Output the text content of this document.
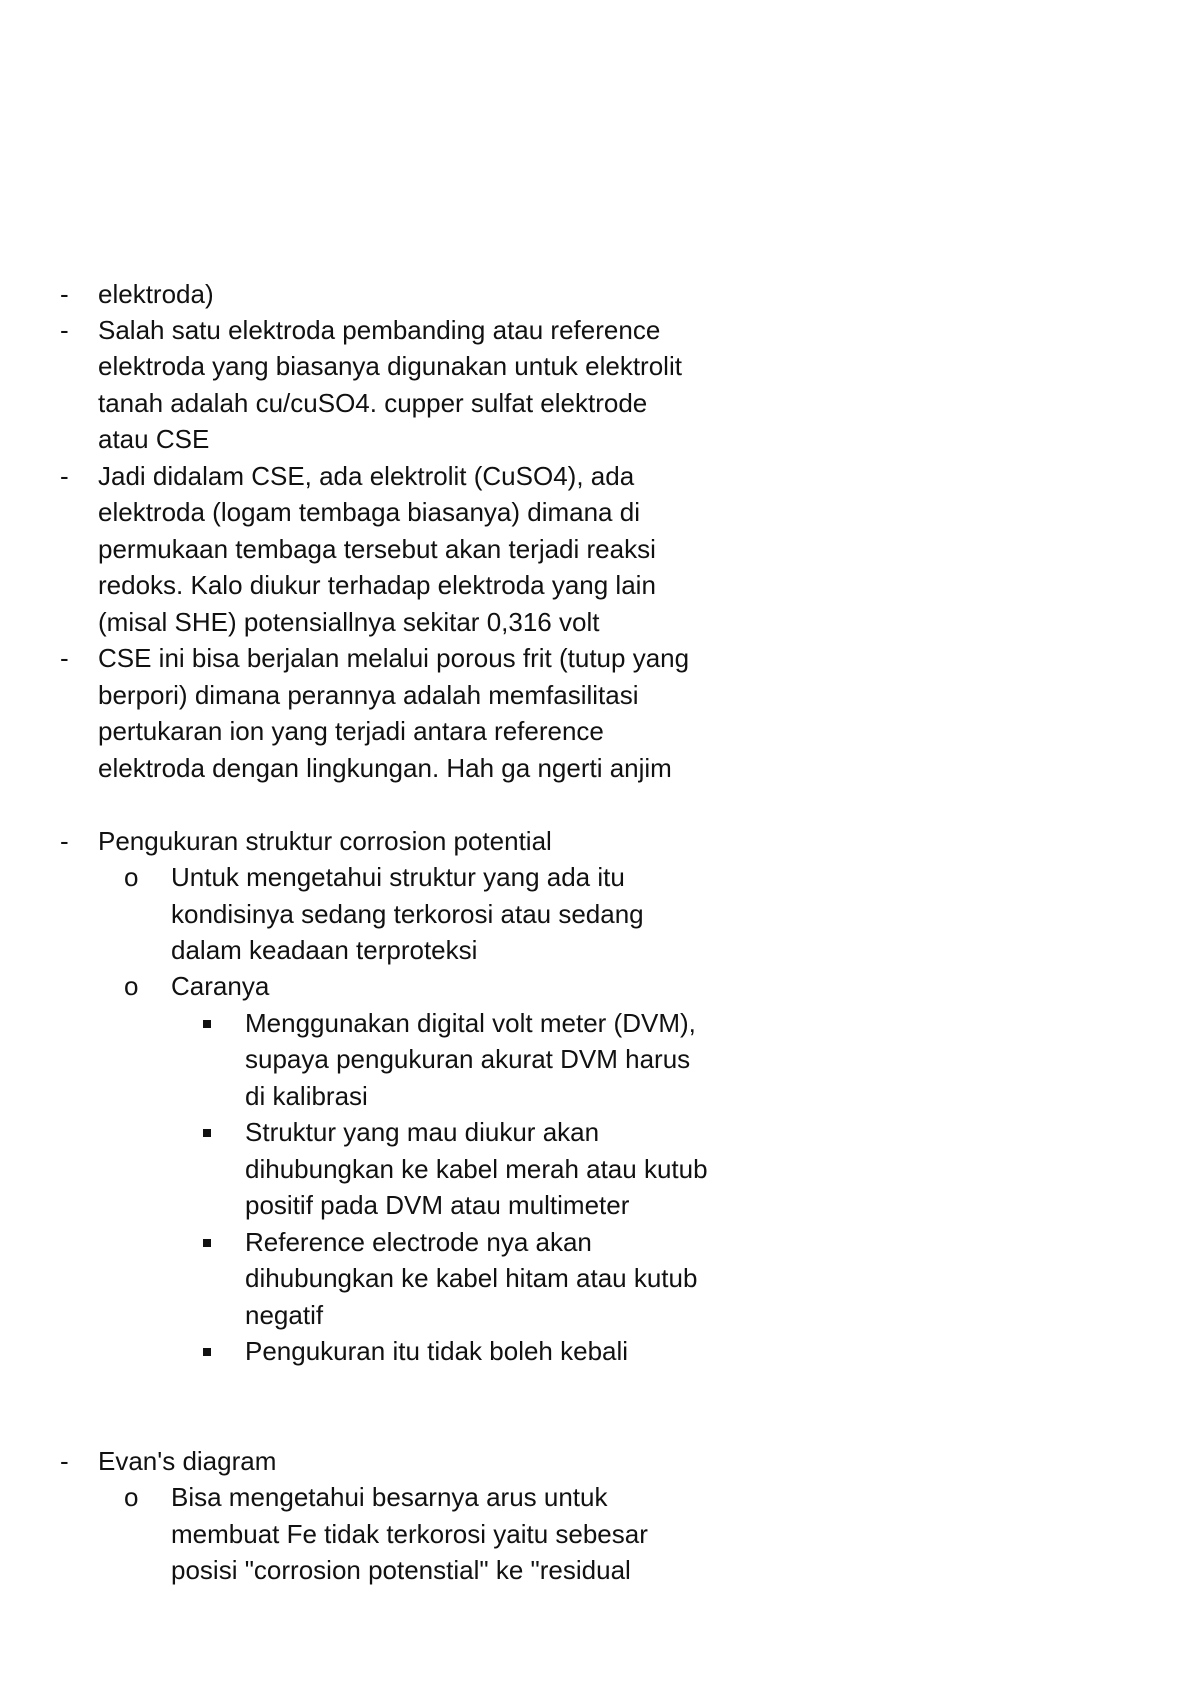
- elektroda)
- Salah satu elektroda pembanding atau reference
elektroda yang biasanya digunakan untuk elektrolit
tanah adalah cu/cuSO4. cupper sulfat elektrode
atau CSE
- Jadi didalam CSE, ada elektrolit (CuSO4), ada
elektroda (logam tembaga biasanya) dimana di
permukaan tembaga tersebut akan terjadi reaksi
redoks. Kalo diukur terhadap elektroda yang lain
(misal SHE) potensiallnya sekitar 0,316 volt
- CSE ini bisa berjalan melalui porous frit (tutup yang
berpori) dimana perannya adalah memfasilitasi
pertukaran ion yang terjadi antara reference
elektroda dengan lingkungan. Hah ga ngerti anjim
- Pengukuran struktur corrosion potential
o Untuk mengetahui struktur yang ada itu
kondisinya sedang terkorosi atau sedang
dalam keadaan terproteksi
o Caranya
Menggunakan digital volt meter (DVM),
supaya pengukuran akurat DVM harus
di kalibrasi
Struktur yang mau diukur akan
dihubungkan ke kabel merah atau kutub
positif pada DVM atau multimeter
Reference electrode nya akan
dihubungkan ke kabel hitam atau kutub
negatif
Pengukuran itu tidak boleh kebali
- Evan's diagram
o Bisa mengetahui besarnya arus untuk
membuat Fe tidak terkorosi yaitu sebesar
posisi "corrosion potenstial" ke "residual
